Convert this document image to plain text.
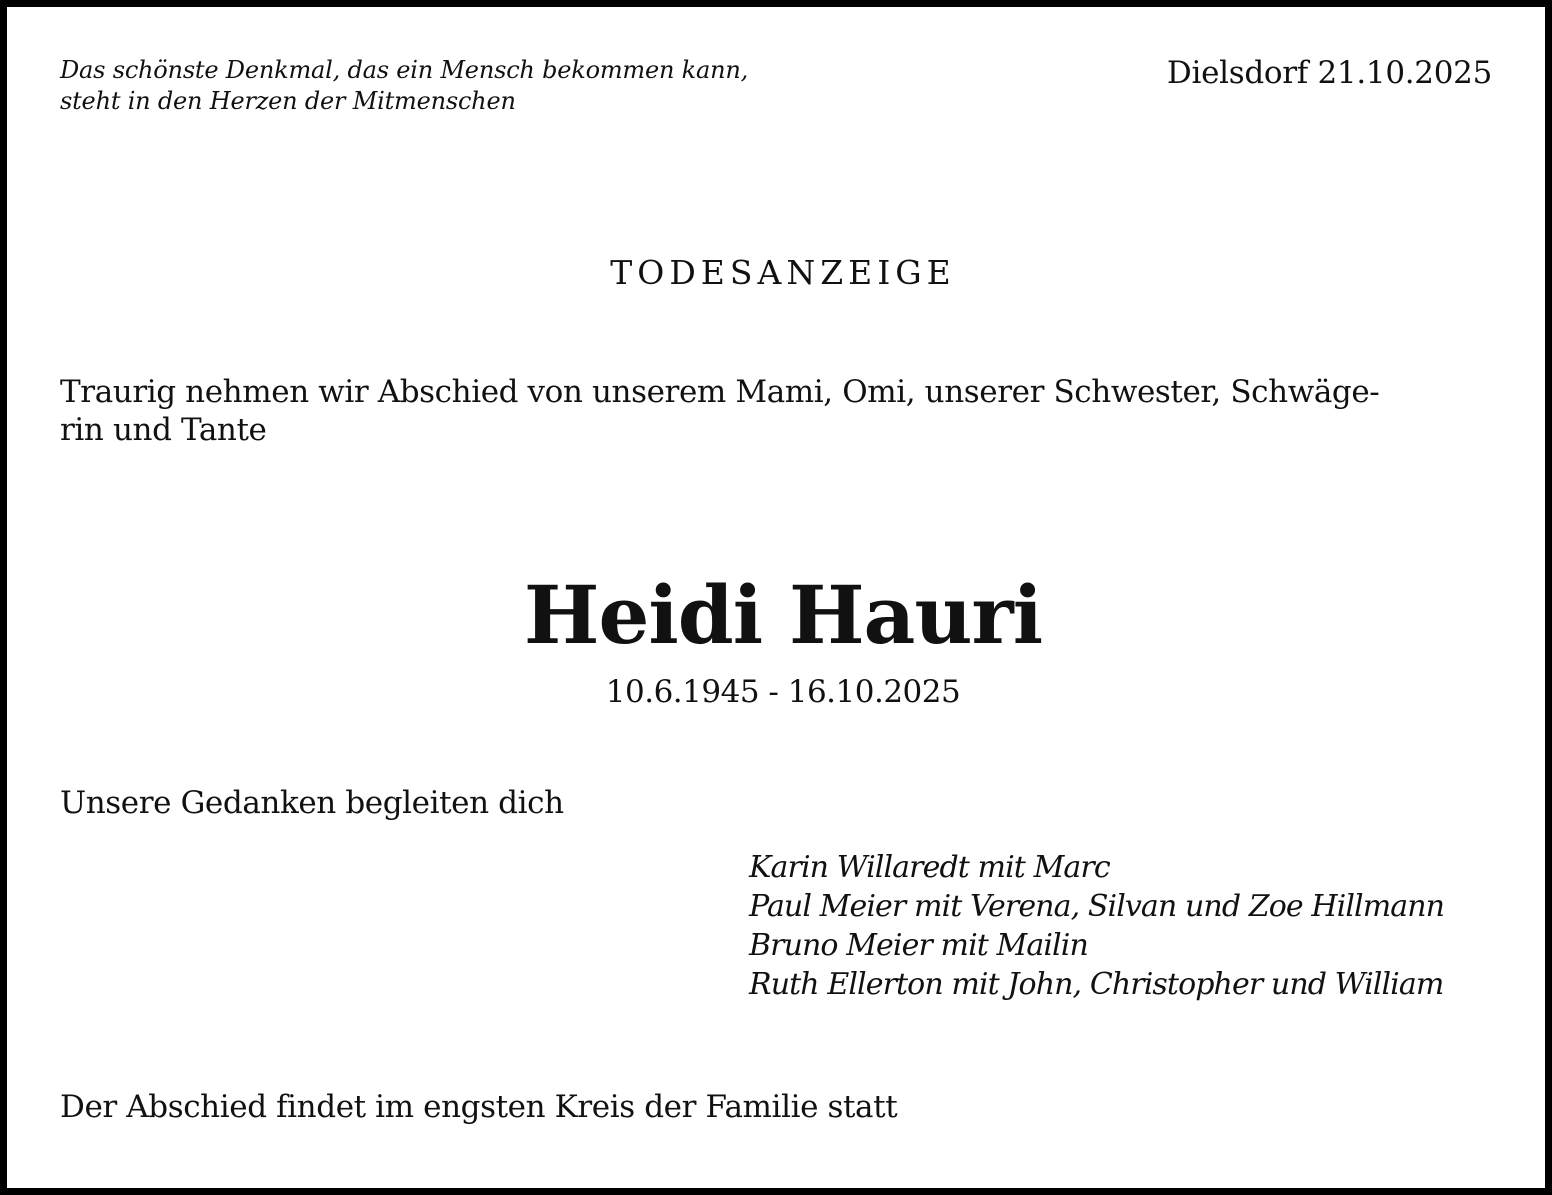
Das schönste Denkmal, das ein Mensch bekommen kann,
steht in den Herzen der Mitmenschen
Dielsdorf 21.10.2025
TODESANZEIGE
Traurig nehmen wir Abschied von unserem Mami, Omi, unserer Schwester, Schwäge-
rin und Tante
Heidi Hauri
10.6.1945 - 16.10.2025
Unsere Gedanken begleiten dich
Karin Willaredt mit Marc
Paul Meier mit Verena, Silvan und Zoe Hillmann
Bruno Meier mit Mailin
Ruth Ellerton mit John, Christopher und William
Der Abschied findet im engsten Kreis der Familie statt
